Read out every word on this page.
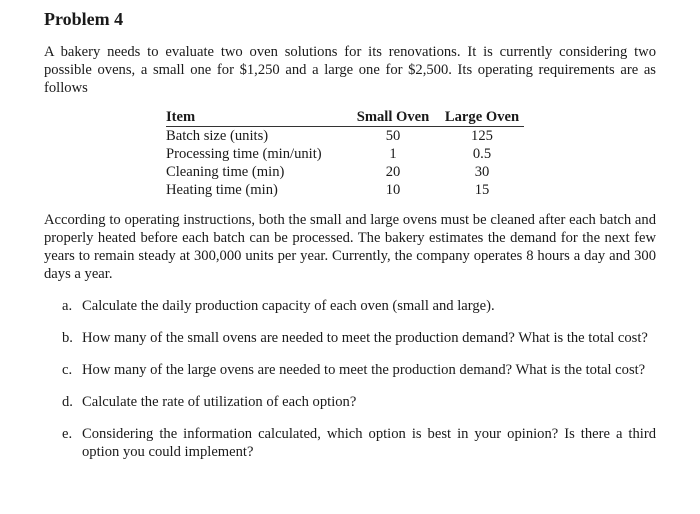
Problem 4

A bakery needs to evaluate two oven solutions for its renovations. It is currently considering two possible ovens, a small one for $1,250 and a large one for $2,500. Its operating requirements are as follows

Item	Small Oven	Large Oven
Batch size (units)	50	125
Processing time (min/unit)	1	0.5
Cleaning time (min)	20	30
Heating time (min)	10	15

According to operating instructions, both the small and large ovens must be cleaned after each batch and properly heated before each batch can be processed. The bakery estimates the demand for the next few years to remain steady at 300,000 units per year. Currently, the company operates 8 hours a day and 300 days a year.

a. Calculate the daily production capacity of each oven (small and large).
b. How many of the small ovens are needed to meet the production demand? What is the total cost?
c. How many of the large ovens are needed to meet the production demand? What is the total cost?
d. Calculate the rate of utilization of each option?
e. Considering the information calculated, which option is best in your opinion? Is there a third option you could implement?
